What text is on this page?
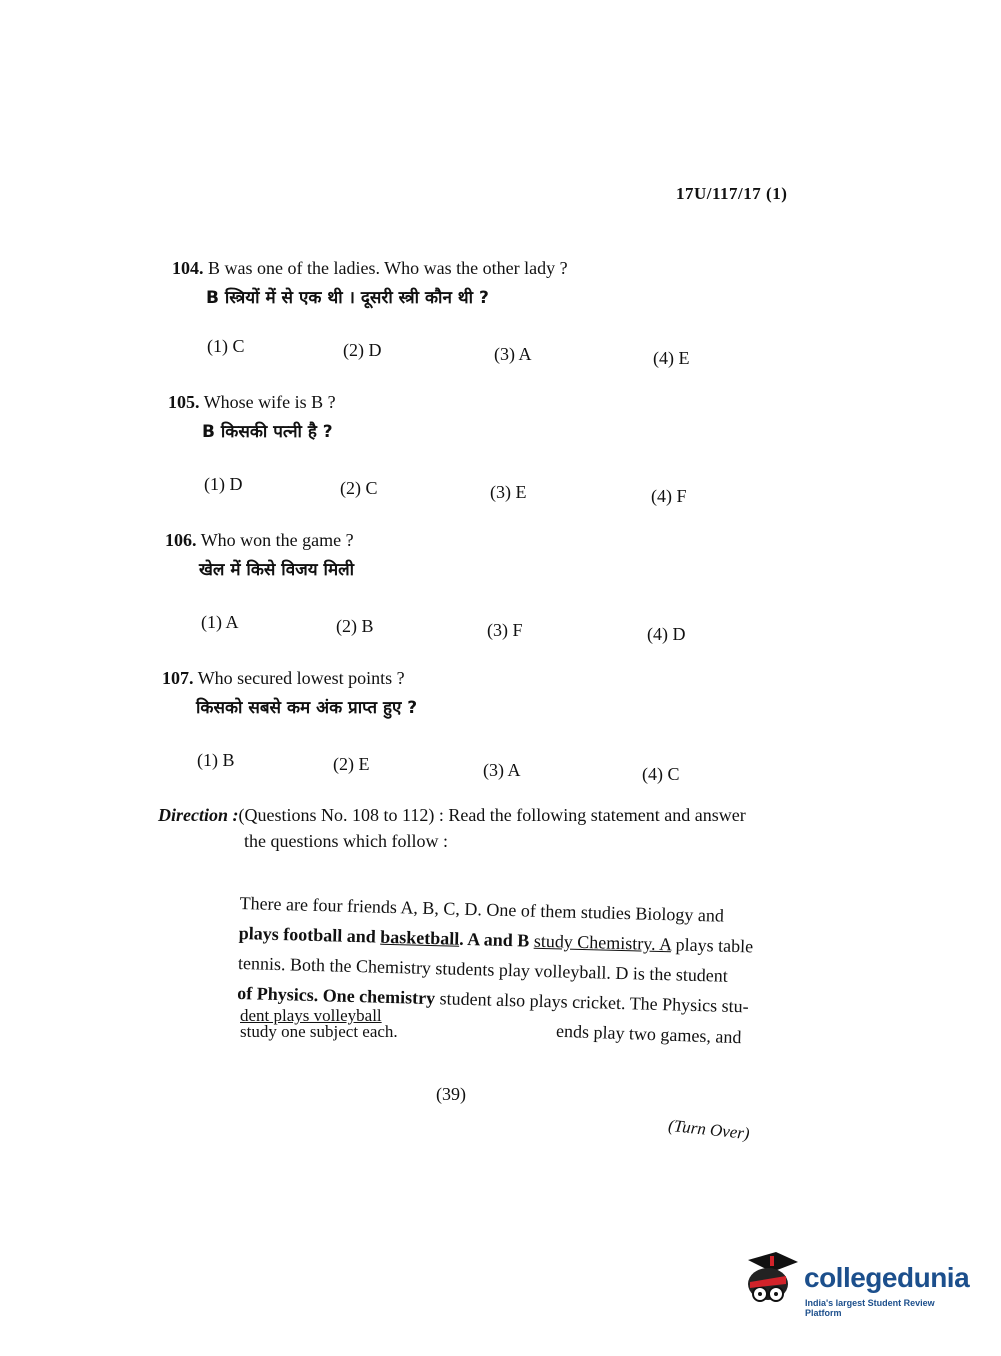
17U/117/17 (1)
104. B was one of the ladies. Who was the other lady ?
B स्त्रियों में से एक थी । दूसरी स्त्री कौन थी ?
(1) C	(2) D	(3) A	(4) E
105. Whose wife is B ?
B किसकी पत्नी है ?
(1) D	(2) C	(3) E	(4) F
106. Who won the game ?
खेल में किसे विजय मिली
(1) A	(2) B	(3) F	(4) D
107. Who secured lowest points ?
किसको सबसे कम अंक प्राप्त हुए ?
(1) B	(2) E	(3) A	(4) C
Direction :(Questions No. 108 to 112) : Read the following statement and answer
the questions which follow :
There are four friends A, B, C, D. One of them studies Biology and
plays football and basketball. A and B study Chemistry. A plays table
tennis. Both the Chemistry students play volleyball. D is the student
of Physics. One chemistry student also plays cricket. The Physics stu-
dent plays volleyball
study one subject each.	ends play two games, and
(39)
(Turn Over)
collegedunia
India's largest Student Review Platform
